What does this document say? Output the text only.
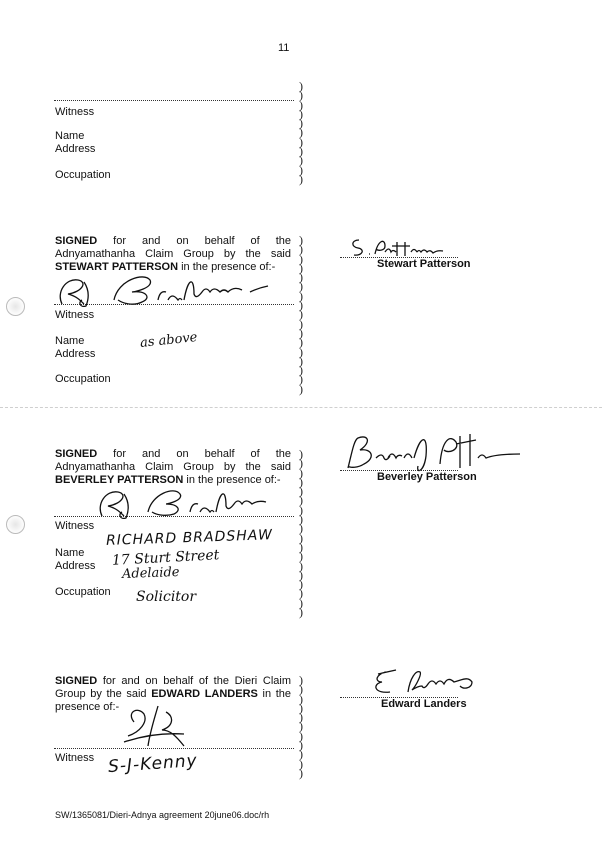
11
Witness
Name
Address
Occupation
)
)
)
)
)
)
)
)
)
)
)
SIGNED for and on behalf of the Adnyamathanha Claim Group by the said STEWART PATTERSON in the presence of:-
)
)
)
)
)
)
)
)
)
)
)
)
)
)
)
)
)
Stewart Patterson
Witness
Name
Address
Occupation
as above
SIGNED for and on behalf of the Adnyamathanha Claim Group by the said BEVERLEY PATTERSON in the presence of:-
)
)
)
)
)
)
)
)
)
)
)
)
)
)
)
)
)
)
Beverley Patterson
Witness
Name
Address
Occupation
RICHARD BRADSHAW
17 Sturt Street
Adelaide
Solicitor
SIGNED for and on behalf of the Dieri Claim Group by the said EDWARD LANDERS in the presence of:-
)
)
)
)
)
)
)
)
)
)
)
Edward Landers
Witness S-J-Kenny
SW/1365081/Dieri-Adnya agreement 20june06.doc/rh
